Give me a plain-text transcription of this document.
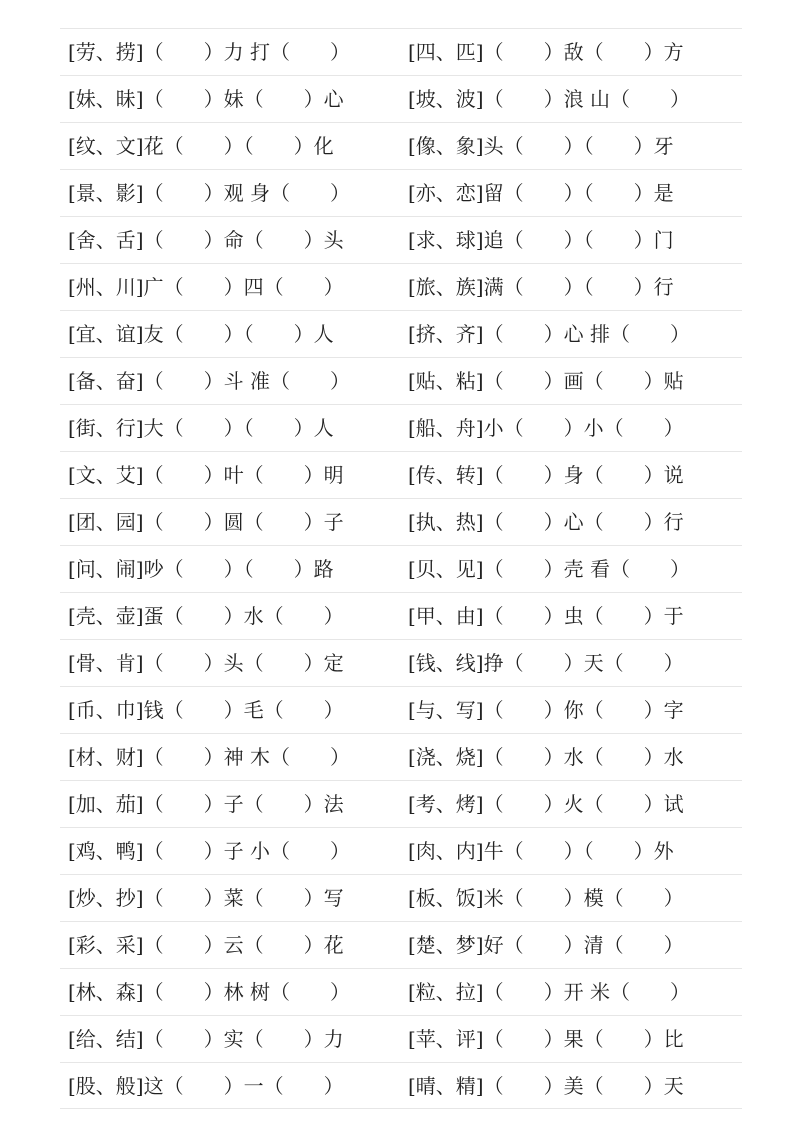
[劳、捞]（　　）力 打（　　）	[四、匹]（　　）敌（　　）方
[妹、昧]（　　）妹（　　）心	[坡、波]（　　）浪 山（　　）
[纹、文]花（　　）（　　）化	[像、象]头（　　）（　　）牙
[景、影]（　　）观 身（　　）	[亦、恋]留（　　）（　　）是
[舍、舌]（　　）命（　　）头	[求、球]追（　　）（　　）门
[州、川]广（　　）四（　　）	[旅、族]满（　　）（　　）行
[宜、谊]友（　　）（　　）人	[挤、齐]（　　）心 排（　　）
[备、奋]（　　）斗 准（　　）	[贴、粘]（　　）画（　　）贴
[街、行]大（　　）（　　）人	[船、舟]小（　　）小（　　）
[文、艾]（　　）叶（　　）明	[传、转]（　　）身（　　）说
[团、园]（　　）圆（　　）子	[执、热]（　　）心（　　）行
[问、闹]吵（　　）（　　）路	[贝、见]（　　）壳 看（　　）
[壳、壶]蛋（　　）水（　　）	[甲、由]（　　）虫（　　）于
[骨、肯]（　　）头（　　）定	[钱、线]挣（　　）天（　　）
[币、巾]钱（　　）毛（　　）	[与、写]（　　）你（　　）字
[材、财]（　　）神 木（　　）	[浇、烧]（　　）水（　　）水
[加、茄]（　　）子（　　）法	[考、烤]（　　）火（　　）试
[鸡、鸭]（　　）子 小（　　）	[肉、内]牛（　　）（　　）外
[炒、抄]（　　）菜（　　）写	[板、饭]米（　　）模（　　）
[彩、采]（　　）云（　　）花	[楚、梦]好（　　）清（　　）
[林、森]（　　）林 树（　　）	[粒、拉]（　　）开 米（　　）
[给、结]（　　）实（　　）力	[苹、评]（　　）果（　　）比
[股、般]这（　　）一（　　）	[晴、精]（　　）美（　　）天
